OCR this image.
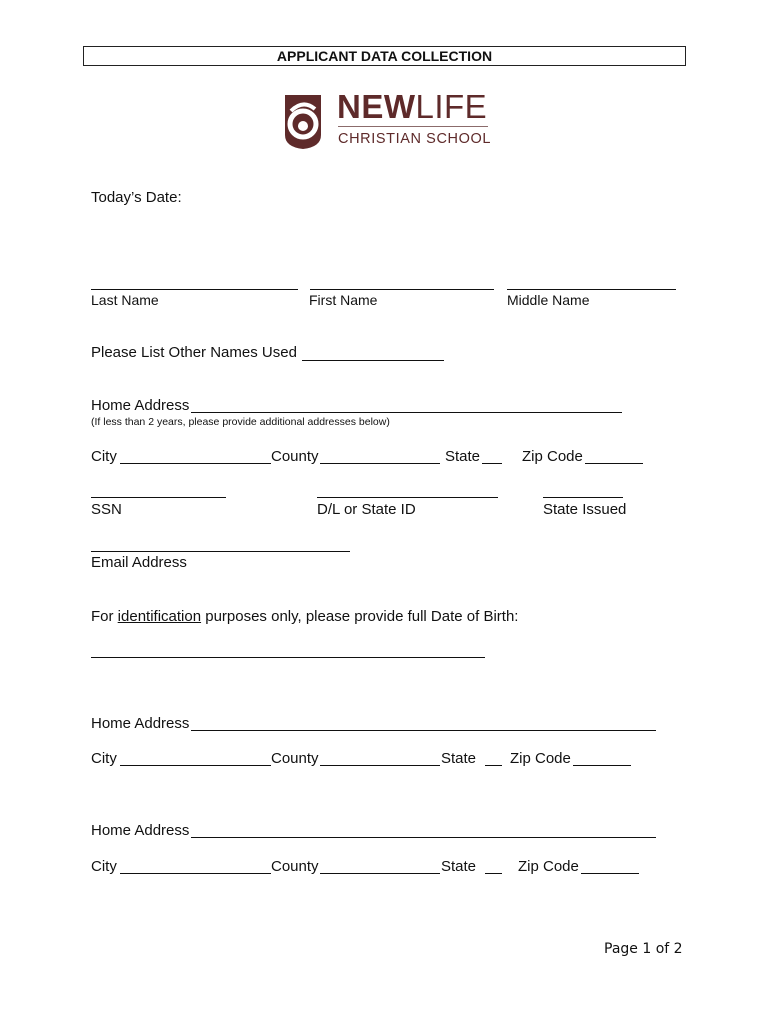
APPLICANT DATA COLLECTION
NEWLIFE
CHRISTIAN SCHOOL
Today’s Date:
Last Name	First Name	Middle Name
Please List Other Names Used
Home Address
(If less than 2 years, please provide additional addresses below)
City	County	State	Zip Code
SSN	D/L or State ID	State Issued
Email Address
For identification purposes only, please provide full Date of Birth:
Home Address
City	County	State Zip Code
Home Address
City	County	State	Zip Code
Page 1 of 2
